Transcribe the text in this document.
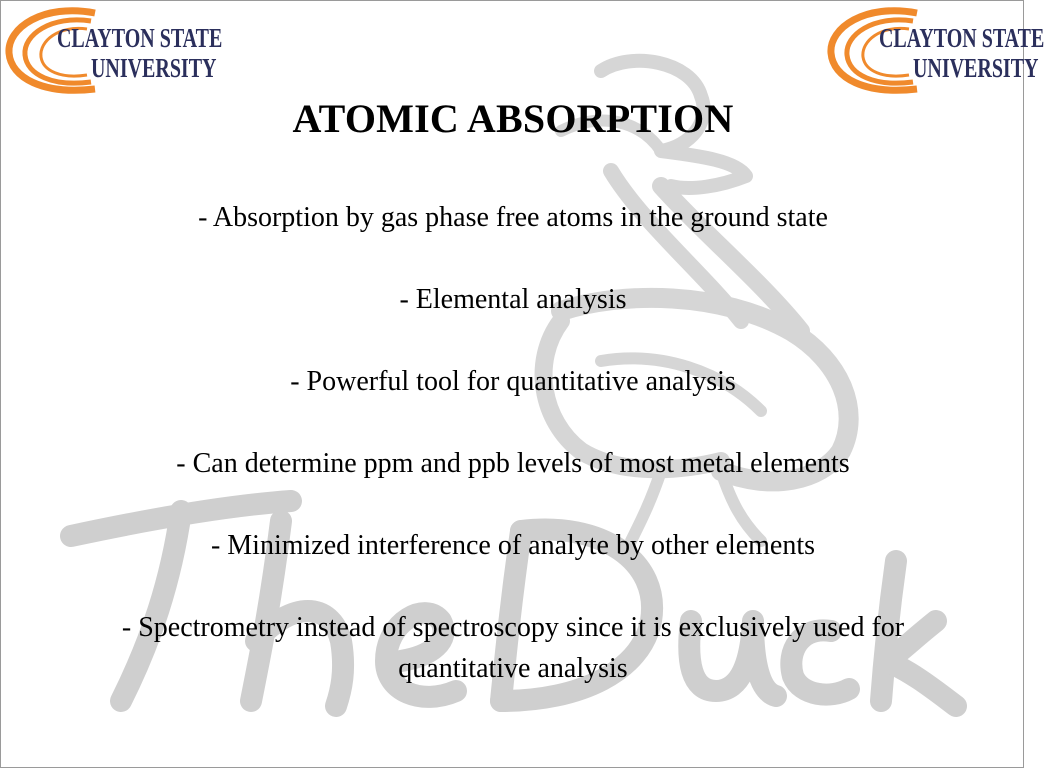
CLAYTON STATE
UNIVERSITY
CLAYTON STATE
UNIVERSITY
ATOMIC ABSORPTION
- Absorption by gas phase free atoms in the ground state
- Elemental analysis
- Powerful tool for quantitative analysis
- Can determine ppm and ppb levels of most metal elements
- Minimized interference of analyte by other elements
- Spectrometry instead of spectroscopy since it is exclusively used for quantitative analysis
